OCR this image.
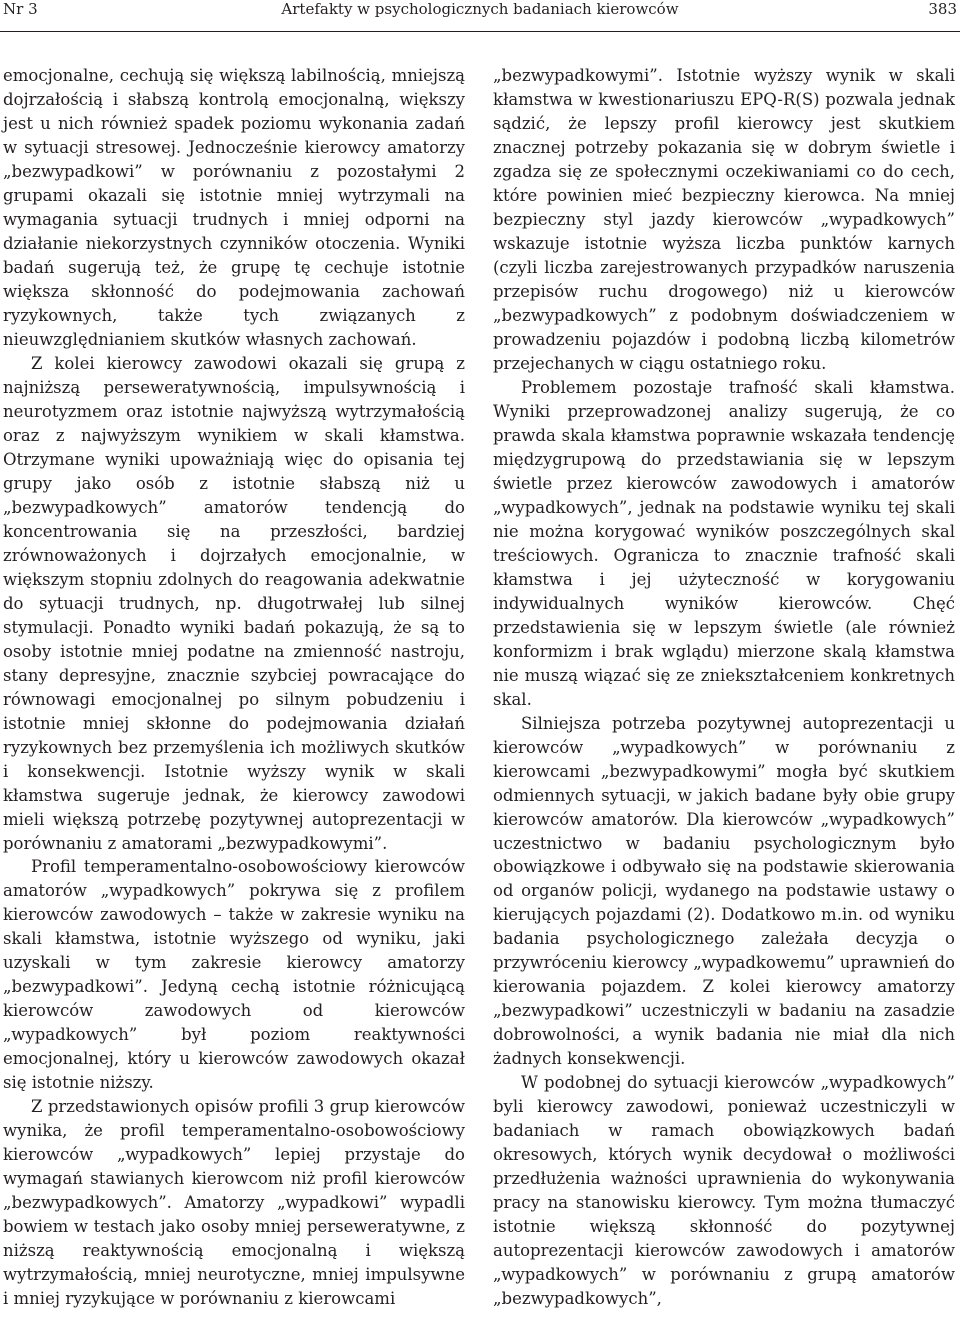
Nr 3	Artefakty w psychologicznych badaniach kierowców	383

emocjonalne, cechują się większą labilnością, mniejszą dojrzałością i słabszą kontrolą emocjonalną, większy jest u nich również spadek poziomu wykonania zadań w sytuacji stresowej. Jednocześnie kierowcy amatorzy „bezwypadkowi” w porównaniu z pozostałymi 2 grupami okazali się istotnie mniej wytrzymali na wymagania sytuacji trudnych i mniej odporni na działanie niekorzystnych czynników otoczenia. Wyniki badań sugerują też, że grupę tę cechuje istotnie większa skłonność do podejmowania zachowań ryzykownych, także tych związanych z nieuwzględnianiem skutków własnych zachowań.

Z kolei kierowcy zawodowi okazali się grupą z najniższą perseweratywnością, impulsywnością i neurotyzmem oraz istotnie najwyższą wytrzymałością oraz z najwyższym wynikiem w skali kłamstwa. Otrzymane wyniki upoważniają więc do opisania tej grupy jako osób z istotnie słabszą niż u „bezwypadkowych” amatorów tendencją do koncentrowania się na przeszłości, bardziej zrównoważonych i dojrzałych emocjonalnie, w większym stopniu zdolnych do reagowania adekwatnie do sytuacji trudnych, np. długotrwałej lub silnej stymulacji. Ponadto wyniki badań pokazują, że są to osoby istotnie mniej podatne na zmienność nastroju, stany depresyjne, znacznie szybciej powracające do równowagi emocjonalnej po silnym pobudzeniu i istotnie mniej skłonne do podejmowania działań ryzykownych bez przemyślenia ich możliwych skutków i konsekwencji. Istotnie wyższy wynik w skali kłamstwa sugeruje jednak, że kierowcy zawodowi mieli większą potrzebę pozytywnej autoprezentacji w porównaniu z amatorami „bezwypadkowymi”.

Profil temperamentalno-osobowościowy kierowców amatorów „wypadkowych” pokrywa się z profilem kierowców zawodowych – także w zakresie wyniku na skali kłamstwa, istotnie wyższego od wyniku, jaki uzyskali w tym zakresie kierowcy amatorzy „bezwypadkowi”. Jedyną cechą istotnie różnicującą kierowców zawodowych od kierowców „wypadkowych” był poziom reaktywności emocjonalnej, który u kierowców zawodowych okazał się istotnie niższy.

Z przedstawionych opisów profili 3 grup kierowców wynika, że profil temperamentalno-osobowościowy kierowców „wypadkowych” lepiej przystaje do wymagań stawianych kierowcom niż profil kierowców „bezwypadkowych”. Amatorzy „wypadkowi” wypadli bowiem w testach jako osoby mniej perseweratywne, z niższą reaktywnością emocjonalną i większą wytrzymałością, mniej neurotyczne, mniej impulsywne i mniej ryzykujące w porównaniu z kierowcami

„bezwypadkowymi”. Istotnie wyższy wynik w skali kłamstwa w kwestionariuszu EPQ-R(S) pozwala jednak sądzić, że lepszy profil kierowcy jest skutkiem znacznej potrzeby pokazania się w dobrym świetle i zgadza się ze społecznymi oczekiwaniami co do cech, które powinien mieć bezpieczny kierowca. Na mniej bezpieczny styl jazdy kierowców „wypadkowych” wskazuje istotnie wyższa liczba punktów karnych (czyli liczba zarejestrowanych przypadków naruszenia przepisów ruchu drogowego) niż u kierowców „bezwypadkowych” z podobnym doświadczeniem w prowadzeniu pojazdów i podobną liczbą kilometrów przejechanych w ciągu ostatniego roku.

Problemem pozostaje trafność skali kłamstwa. Wyniki przeprowadzonej analizy sugerują, że co prawda skala kłamstwa poprawnie wskazała tendencję międzygrupową do przedstawiania się w lepszym świetle przez kierowców zawodowych i amatorów „wypadkowych”, jednak na podstawie wyniku tej skali nie można korygować wyników poszczególnych skal treściowych. Ogranicza to znacznie trafność skali kłamstwa i jej użyteczność w korygowaniu indywidualnych wyników kierowców. Chęć przedstawienia się w lepszym świetle (ale również konformizm i brak wglądu) mierzone skalą kłamstwa nie muszą wiązać się ze zniekształceniem konkretnych skal.

Silniejsza potrzeba pozytywnej autoprezentacji u kierowców „wypadkowych” w porównaniu z kierowcami „bezwypadkowymi” mogła być skutkiem odmiennych sytuacji, w jakich badane były obie grupy kierowców amatorów. Dla kierowców „wypadkowych” uczestnictwo w badaniu psychologicznym było obowiązkowe i odbywało się na podstawie skierowania od organów policji, wydanego na podstawie ustawy o kierujących pojazdami (2). Dodatkowo m.in. od wyniku badania psychologicznego zależała decyzja o przywróceniu kierowcy „wypadkowemu” uprawnień do kierowania pojazdem. Z kolei kierowcy amatorzy „bezwypadkowi” uczestniczyli w badaniu na zasadzie dobrowolności, a wynik badania nie miał dla nich żadnych konsekwencji.

W podobnej do sytuacji kierowców „wypadkowych” byli kierowcy zawodowi, ponieważ uczestniczyli w badaniach w ramach obowiązkowych badań okresowych, których wynik decydował o możliwości przedłużenia ważności uprawnienia do wykonywania pracy na stanowisku kierowcy. Tym można tłumaczyć istotnie większą skłonność do pozytywnej autoprezentacji kierowców zawodowych i amatorów „wypadkowych” w porównaniu z grupą amatorów „bezwypadkowych”,
